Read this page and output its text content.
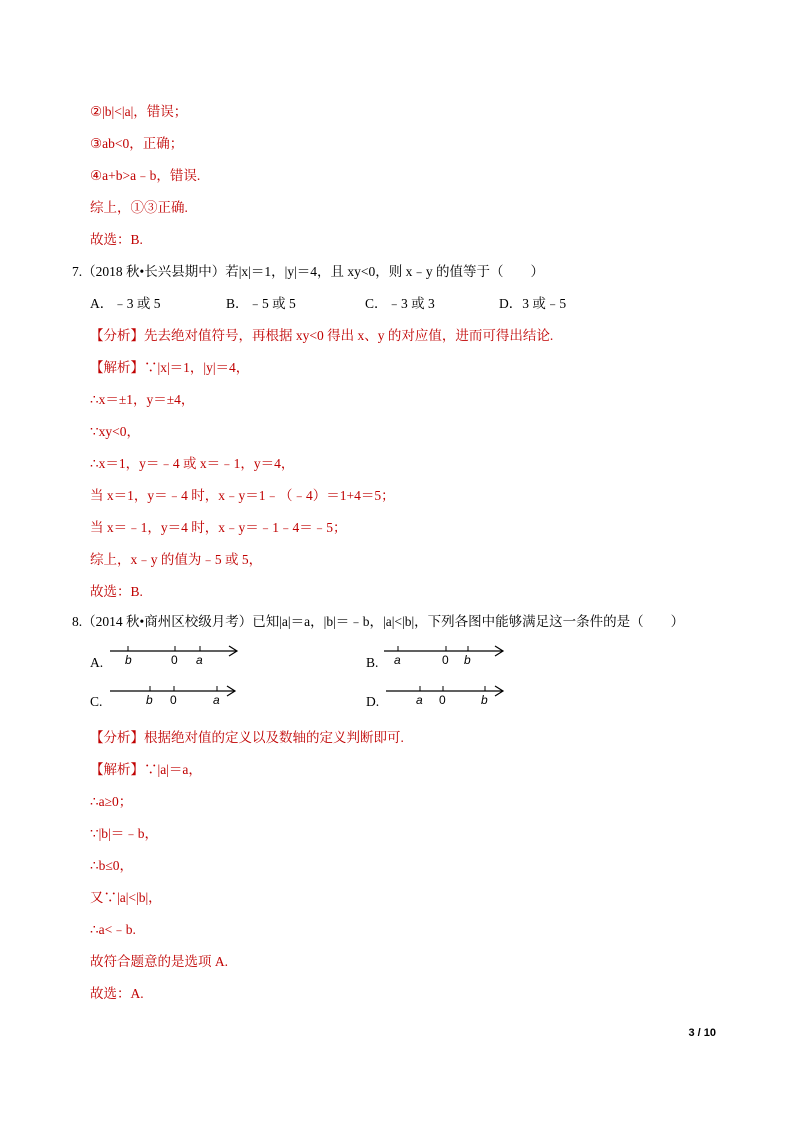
②|b|<|a|，错误；
③ab<0，正确；
④a+b>a﹣b，错误.
综上，①③正确.
故选：B.
7.（2018 秋•长兴县期中）若|x|＝1，|y|＝4，且 xy<0，则 x﹣y 的值等于（　　）
A．﹣3 或 5	B．﹣5 或 5	C．﹣3 或 3	D．3 或﹣5
【分析】先去绝对值符号，再根据 xy<0 得出 x、y 的对应值，进而可得出结论.
【解析】∵|x|＝1，|y|＝4，
∴x＝±1，y＝±4，
∵xy<0，
∴x＝1，y＝﹣4 或 x＝﹣1，y＝4，
当 x＝1，y＝﹣4 时，x﹣y＝1﹣（﹣4）＝1+4＝5；
当 x＝﹣1，y＝4 时，x﹣y＝﹣1﹣4＝﹣5；
综上，x﹣y 的值为﹣5 或 5，
故选：B.
8.（2014 秋•商州区校级月考）已知|a|＝a，|b|＝﹣b，|a|<|b|，下列各图中能够满足这一条件的是（　　）
A. b	0 a	B. a	0 b
C.	b 0	a	D.	a 0	b
【分析】根据绝对值的定义以及数轴的定义判断即可.
【解析】∵|a|＝a，
∴a≥0；
∵|b|＝﹣b，
∴b≤0，
又∵|a|<|b|，
∴a<﹣b.
故符合题意的是选项 A.
故选：A.
3 / 10
